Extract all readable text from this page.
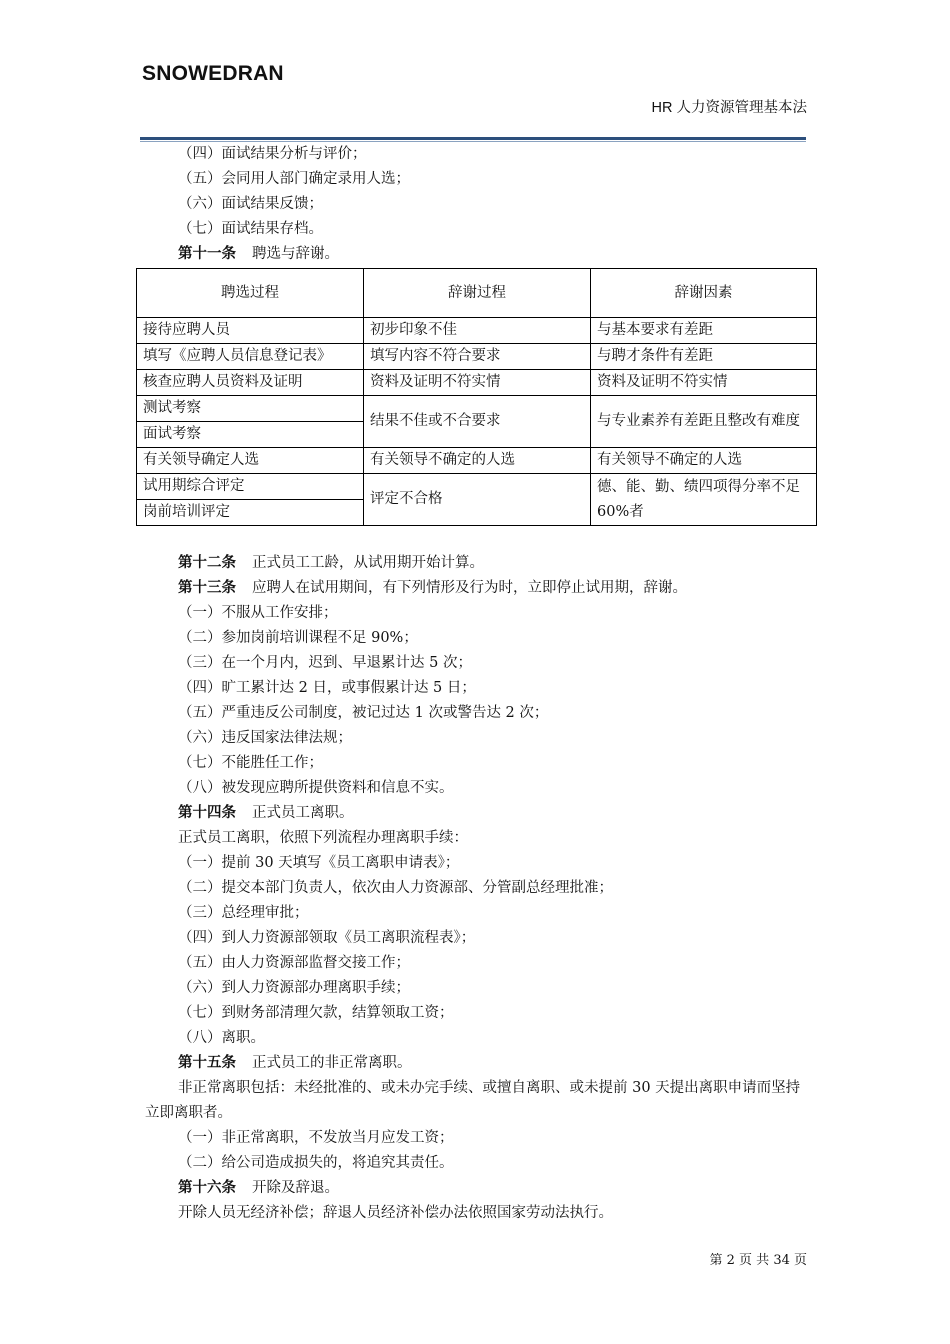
SNOWEDRAN
HR 人力资源管理基本法
（四）面试结果分析与评价；
（五）会同用人部门确定录用人选；
（六）面试结果反馈；
（七）面试结果存档。
第十一条 聘选与辞谢。
聘选过程	辞谢过程	辞谢因素
接待应聘人员	初步印象不佳	与基本要求有差距
填写《应聘人员信息登记表》	填写内容不符合要求	与聘才条件有差距
核查应聘人员资料及证明	资料及证明不符实情	资料及证明不符实情
测试考察	结果不佳或不合要求	与专业素养有差距且整改有难度
面试考察		
有关领导确定人选	有关领导不确定的人选	有关领导不确定的人选
试用期综合评定	评定不合格	德、能、勤、绩四项得分率不足60%者
岗前培训评定		
第十二条 正式员工工龄，从试用期开始计算。
第十三条 应聘人在试用期间，有下列情形及行为时，立即停止试用期，辞谢。
（一）不服从工作安排；
（二）参加岗前培训课程不足 90%；
（三）在一个月内，迟到、早退累计达 5 次；
（四）旷工累计达 2 日，或事假累计达 5 日；
（五）严重违反公司制度，被记过达 1 次或警告达 2 次；
（六）违反国家法律法规；
（七）不能胜任工作；
（八）被发现应聘所提供资料和信息不实。
第十四条 正式员工离职。
正式员工离职，依照下列流程办理离职手续：
（一）提前 30 天填写《员工离职申请表》；
（二）提交本部门负责人，依次由人力资源部、分管副总经理批准；
（三）总经理审批；
（四）到人力资源部领取《员工离职流程表》；
（五）由人力资源部监督交接工作；
（六）到人力资源部办理离职手续；
（七）到财务部清理欠款，结算领取工资；
（八）离职。
第十五条 正式员工的非正常离职。
非正常离职包括：未经批准的、或未办完手续、或擅自离职、或未提前 30 天提出离职申请而坚持立即离职者。
（一）非正常离职，不发放当月应发工资；
（二）给公司造成损失的，将追究其责任。
第十六条 开除及辞退。
开除人员无经济补偿；辞退人员经济补偿办法依照国家劳动法执行。
第 2 页 共 34 页
